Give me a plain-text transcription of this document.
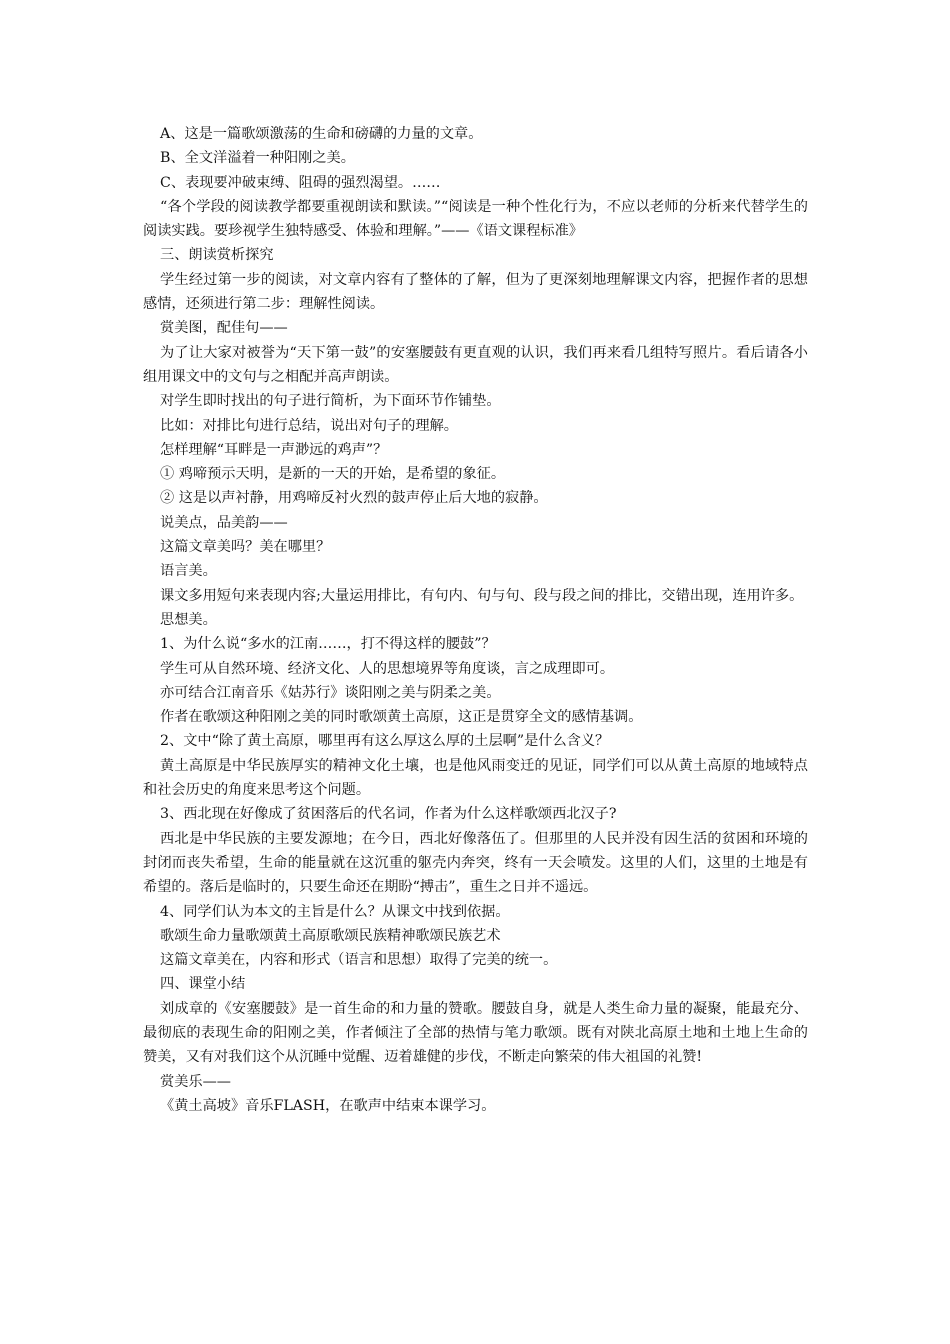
A、这是一篇歌颂激荡的生命和磅礴的力量的文章。

B、全文洋溢着一种阳刚之美。

C、表现要冲破束缚、阻碍的强烈渴望。……

“各个学段的阅读教学都要重视朗读和默读。”“阅读是一种个性化行为，不应以老师的分析来代替学生的阅读实践。要珍视学生独特感受、体验和理解。”——《语文课程标准》

三、朗读赏析探究

学生经过第一步的阅读，对文章内容有了整体的了解，但为了更深刻地理解课文内容，把握作者的思想感情，还须进行第二步：理解性阅读。

赏美图，配佳句——

为了让大家对被誉为“天下第一鼓”的安塞腰鼓有更直观的认识，我们再来看几组特写照片。看后请各小组用课文中的文句与之相配并高声朗读。

对学生即时找出的句子进行简析，为下面环节作铺垫。

比如：对排比句进行总结，说出对句子的理解。

怎样理解“耳畔是一声渺远的鸡声”？

① 鸡啼预示天明，是新的一天的开始，是希望的象征。

② 这是以声衬静，用鸡啼反衬火烈的鼓声停止后大地的寂静。

说美点，品美韵——

这篇文章美吗？美在哪里？

语言美。

课文多用短句来表现内容;大量运用排比，有句内、句与句、段与段之间的排比，交错出现，连用许多。

思想美。

1、为什么说“多水的江南……，打不得这样的腰鼓”？

学生可从自然环境、经济文化、人的思想境界等角度谈，言之成理即可。

亦可结合江南音乐《姑苏行》谈阳刚之美与阴柔之美。

作者在歌颂这种阳刚之美的同时歌颂黄土高原，这正是贯穿全文的感情基调。

2、文中“除了黄土高原，哪里再有这么厚这么厚的土层啊”是什么含义？

黄土高原是中华民族厚实的精神文化土壤，也是他风雨变迁的见证，同学们可以从黄土高原的地域特点和社会历史的角度来思考这个问题。

3、西北现在好像成了贫困落后的代名词，作者为什么这样歌颂西北汉子?

西北是中华民族的主要发源地；在今日，西北好像落伍了。但那里的人民并没有因生活的贫困和环境的封闭而丧失希望，生命的能量就在这沉重的躯壳内奔突，终有一天会喷发。这里的人们，这里的土地是有希望的。落后是临时的，只要生命还在期盼“搏击”，重生之日并不遥远。

4、同学们认为本文的主旨是什么？从课文中找到依据。

歌颂生命力量歌颂黄土高原歌颂民族精神歌颂民族艺术

这篇文章美在，内容和形式（语言和思想）取得了完美的统一。

四、课堂小结

刘成章的《安塞腰鼓》是一首生命的和力量的赞歌。腰鼓自身，就是人类生命力量的凝聚，能最充分、最彻底的表现生命的阳刚之美，作者倾注了全部的热情与笔力歌颂。既有对陕北高原土地和土地上生命的赞美，又有对我们这个从沉睡中觉醒、迈着雄健的步伐，不断走向繁荣的伟大祖国的礼赞!

赏美乐——

《黄土高坡》音乐FLASH，在歌声中结束本课学习。
